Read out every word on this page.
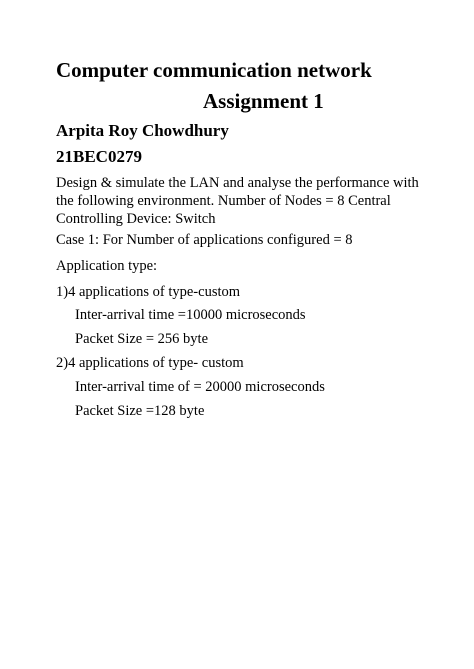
Computer communication network
Assignment 1
Arpita Roy Chowdhury
21BEC0279

Design & simulate the LAN and analyse the performance with the following environment. Number of Nodes = 8 Central Controlling Device: Switch

Case 1: For Number of applications configured = 8
Application type:
1)4 applications of type-custom
Inter-arrival time =10000 microseconds
Packet Size = 256 byte
2)4 applications of type- custom
Inter-arrival time of = 20000 microseconds
Packet Size =128 byte
